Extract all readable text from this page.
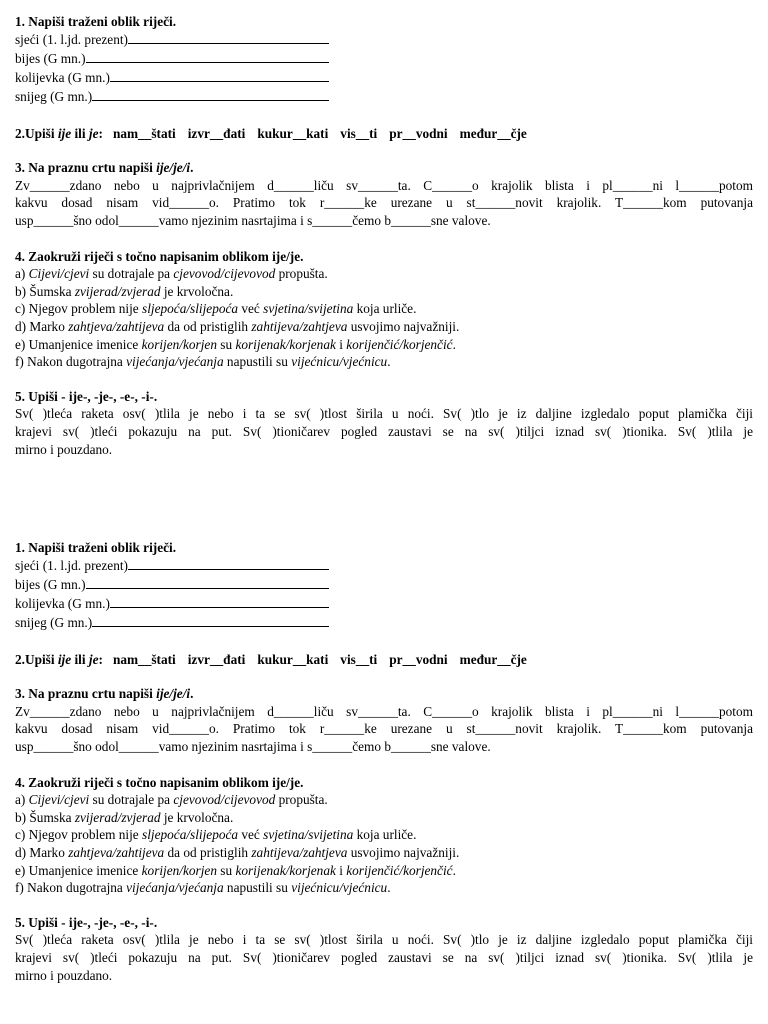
1. Napiši traženi oblik riječi.

sjeći (1. l.jd. prezent)
bijes (G mn.)
kolijevka (G mn.)
snijeg (G mn.)

2.Upiši ije ili je: nam__štati izvr__đati kukur__kati vis__ti pr__vodni međur__čje

3. Na praznu crtu napiši ije/je/i.

Zv______zdano nebo u najprivlačnijem d______liču sv______ta. C______o krajolik blista i pl______ni l______potom

kakvu dosad nisam vid______o. Pratimo tok r______ke urezane u st______novit krajolik. T______kom putovanja

usp______šno odol______vamo njezinim nasrtajima i s______čemo b______sne valove.

4. Zaokruži riječi s točno napisanim oblikom ije/je.

a) Cijevi/cjevi su dotrajale pa cjevovod/cijevovod propušta.

b) Šumska zvijerad/zvjerad je krvoločna.

c) Njegov problem nije sljepoća/slijepoća već svjetina/svijetina koja urliče.

d) Marko zahtjeva/zahtijeva da od pristiglih zahtijeva/zahtjeva usvojimo najvažniji.

e) Umanjenice imenice korijen/korjen su korijenak/korjenak i korijenčić/korjenčić.

f) Nakon dugotrajna vijećanja/vjećanja napustili su vijećnicu/vjećnicu.

5. Upiši - ije-, -je-, -e-, -i-.

Sv( )tleća raketa osv( )tlila je nebo i ta se sv( )tlost širila u noći. Sv( )tlo je iz daljine izgledalo poput plamička čiji

krajevi sv( )tleći pokazuju na put. Sv( )tioničarev pogled zaustavi se na sv( )tiljci iznad sv( )tionika. Sv( )tlila je

mirno i pouzdano.

1. Napiši traženi oblik riječi.

sjeći (1. l.jd. prezent)
bijes (G mn.)
kolijevka (G mn.)
snijeg (G mn.)

2.Upiši ije ili je: nam__štati izvr__đati kukur__kati vis__ti pr__vodni međur__čje

3. Na praznu crtu napiši ije/je/i.

Zv______zdano nebo u najprivlačnijem d______liču sv______ta. C______o krajolik blista i pl______ni l______potom

kakvu dosad nisam vid______o. Pratimo tok r______ke urezane u st______novit krajolik. T______kom putovanja

usp______šno odol______vamo njezinim nasrtajima i s______čemo b______sne valove.

4. Zaokruži riječi s točno napisanim oblikom ije/je.

a) Cijevi/cjevi su dotrajale pa cjevovod/cijevovod propušta.

b) Šumska zvijerad/zvjerad je krvoločna.

c) Njegov problem nije sljepoća/slijepoća već svjetina/svijetina koja urliče.

d) Marko zahtjeva/zahtijeva da od pristiglih zahtijeva/zahtjeva usvojimo najvažniji.

e) Umanjenice imenice korijen/korjen su korijenak/korjenak i korijenčić/korjenčić.

f) Nakon dugotrajna vijećanja/vjećanja napustili su vijećnicu/vjećnicu.

5. Upiši - ije-, -je-, -e-, -i-.

Sv( )tleća raketa osv( )tlila je nebo i ta se sv( )tlost širila u noći. Sv( )tlo je iz daljine izgledalo poput plamička čiji

krajevi sv( )tleći pokazuju na put. Sv( )tioničarev pogled zaustavi se na sv( )tiljci iznad sv( )tionika. Sv( )tlila je

mirno i pouzdano.
